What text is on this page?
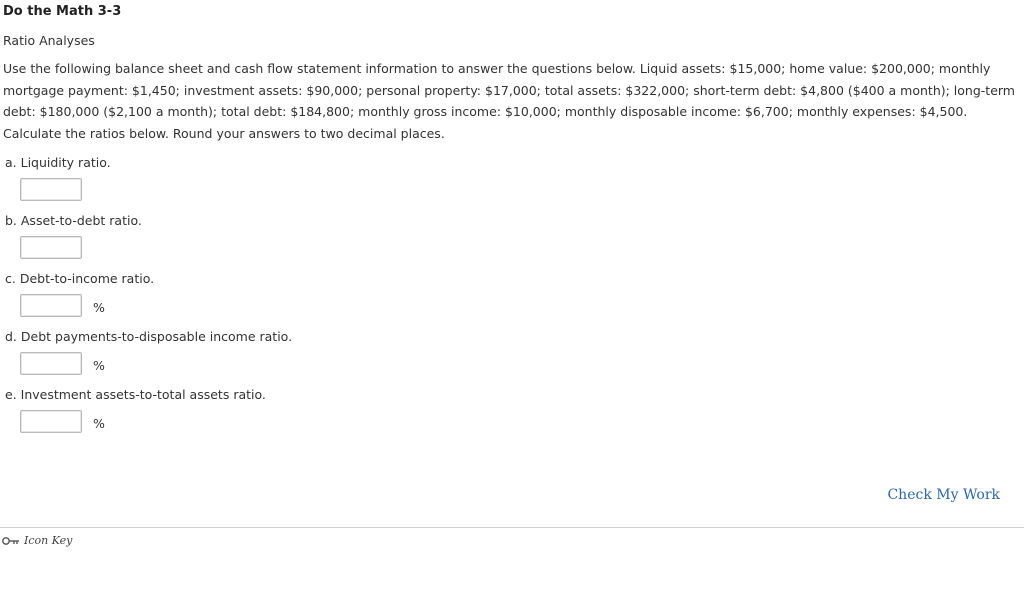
Do the Math 3-3
Ratio Analyses
Use the following balance sheet and cash flow statement information to answer the questions below. Liquid assets: $15,000; home value: $200,000; monthly mortgage payment: $1,450; investment assets: $90,000; personal property: $17,000; total assets: $322,000; short-term debt: $4,800 ($400 a month); long-term debt: $180,000 ($2,100 a month); total debt: $184,800; monthly gross income: $10,000; monthly disposable income: $6,700; monthly expenses: $4,500. Calculate the ratios below. Round your answers to two decimal places.
a. Liquidity ratio.
b. Asset-to-debt ratio.
c. Debt-to-income ratio.
%
d. Debt payments-to-disposable income ratio.
%
e. Investment assets-to-total assets ratio.
%
Check My Work
Icon Key
